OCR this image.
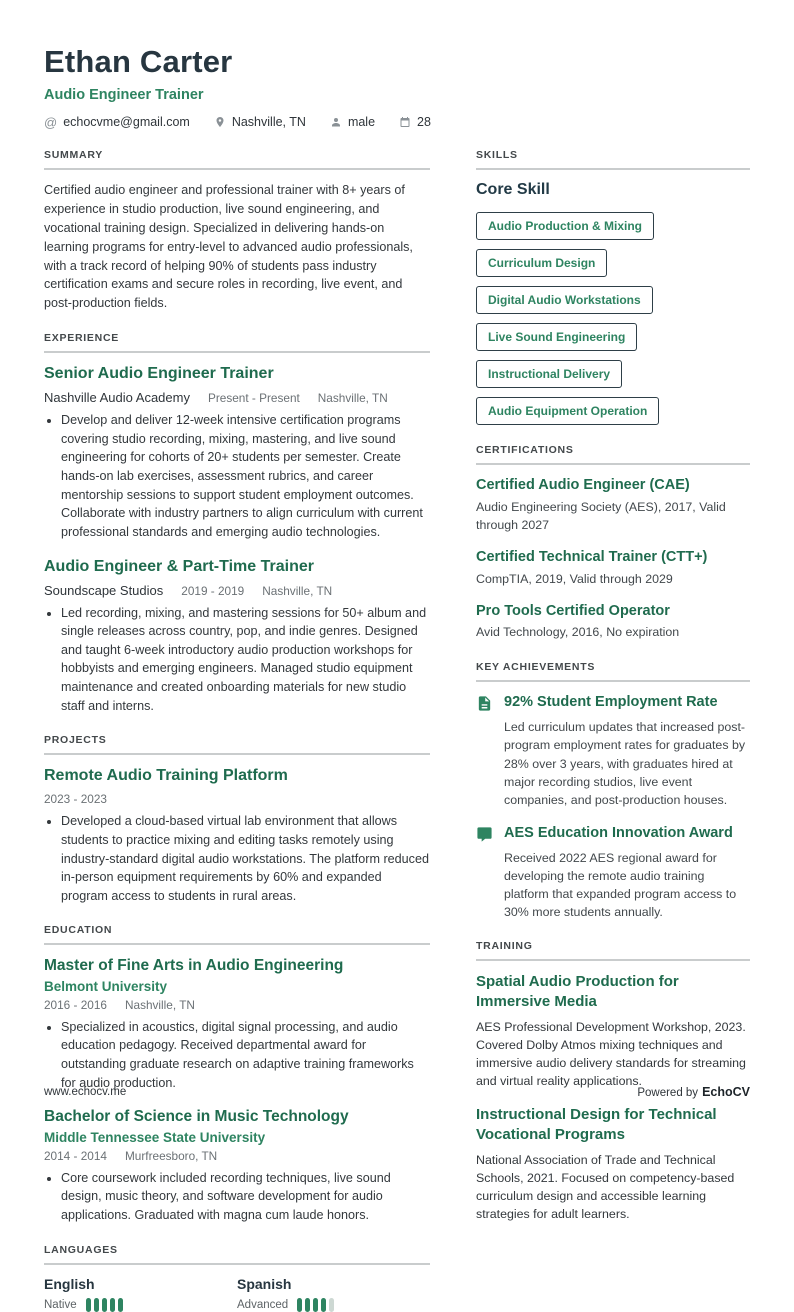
Ethan Carter
Audio Engineer Trainer
@ echocvme@gmail.com	Nashville, TN	male	28
SUMMARY

Certified audio engineer and professional trainer with 8+ years of experience in studio production, live sound engineering, and vocational training design. Specialized in delivering hands-on learning programs for entry-level to advanced audio professionals, with a track record of helping 90% of students pass industry certification exams and secure roles in recording, live event, and post-production fields.

EXPERIENCE
Senior Audio Engineer Trainer
Nashville Audio Academy Present - Present Nashville, TN
• Develop and deliver 12-week intensive certification programs covering studio recording, mixing, mastering, and live sound engineering for cohorts of 20+ students per semester. Create hands-on lab exercises, assessment rubrics, and career mentorship sessions to support student employment outcomes. Collaborate with industry partners to align curriculum with current professional standards and emerging audio technologies.
Audio Engineer & Part-Time Trainer
Soundscape Studios 2019 - 2019 Nashville, TN
• Led recording, mixing, and mastering sessions for 50+ album and single releases across country, pop, and indie genres. Designed and taught 6-week introductory audio production workshops for hobbyists and emerging engineers. Managed studio equipment maintenance and created onboarding materials for new studio staff and interns.
PROJECTS
Remote Audio Training Platform
2023 - 2023
• Developed a cloud-based virtual lab environment that allows students to practice mixing and editing tasks remotely using industry-standard digital audio workstations. The platform reduced in-person equipment requirements by 60% and expanded program access to students in rural areas.
EDUCATION
Master of Fine Arts in Audio Engineering
Belmont University
2016 - 2016 Nashville, TN
• Specialized in acoustics, digital signal processing, and audio education pedagogy. Received departmental award for outstanding graduate research on adaptive training frameworks for audio production.
Bachelor of Science in Music Technology
Middle Tennessee State University
2014 - 2014 Murfreesboro, TN
• Core coursework included recording techniques, live sound design, music theory, and software development for audio applications. Graduated with magna cum laude honors.
LANGUAGES
English
Native
Spanish
Advanced
SKILLS
Core Skill
Audio Production & Mixing
Curriculum Design
Digital Audio Workstations
Live Sound Engineering
Instructional Delivery
Audio Equipment Operation
CERTIFICATIONS
Certified Audio Engineer (CAE)

Audio Engineering Society (AES), 2017, Valid through 2027

Certified Technical Trainer (CTT+)

CompTIA, 2019, Valid through 2029

Pro Tools Certified Operator

Avid Technology, 2016, No expiration

KEY ACHIEVEMENTS
92% Student Employment Rate

Led curriculum updates that increased post-program employment rates for graduates by 28% over 3 years, with graduates hired at major recording studios, live event companies, and post-production houses.

AES Education Innovation Award

Received 2022 AES regional award for developing the remote audio training platform that expanded program access to 30% more students annually.

TRAINING
Spatial Audio Production for Immersive Media

AES Professional Development Workshop, 2023. Covered Dolby Atmos mixing techniques and immersive audio delivery standards for streaming and virtual reality applications.

Instructional Design for Technical Vocational Programs

National Association of Trade and Technical Schools, 2021. Focused on competency-based curriculum design and accessible learning strategies for adult learners.

www.echocv.me	Powered by EchoCV
